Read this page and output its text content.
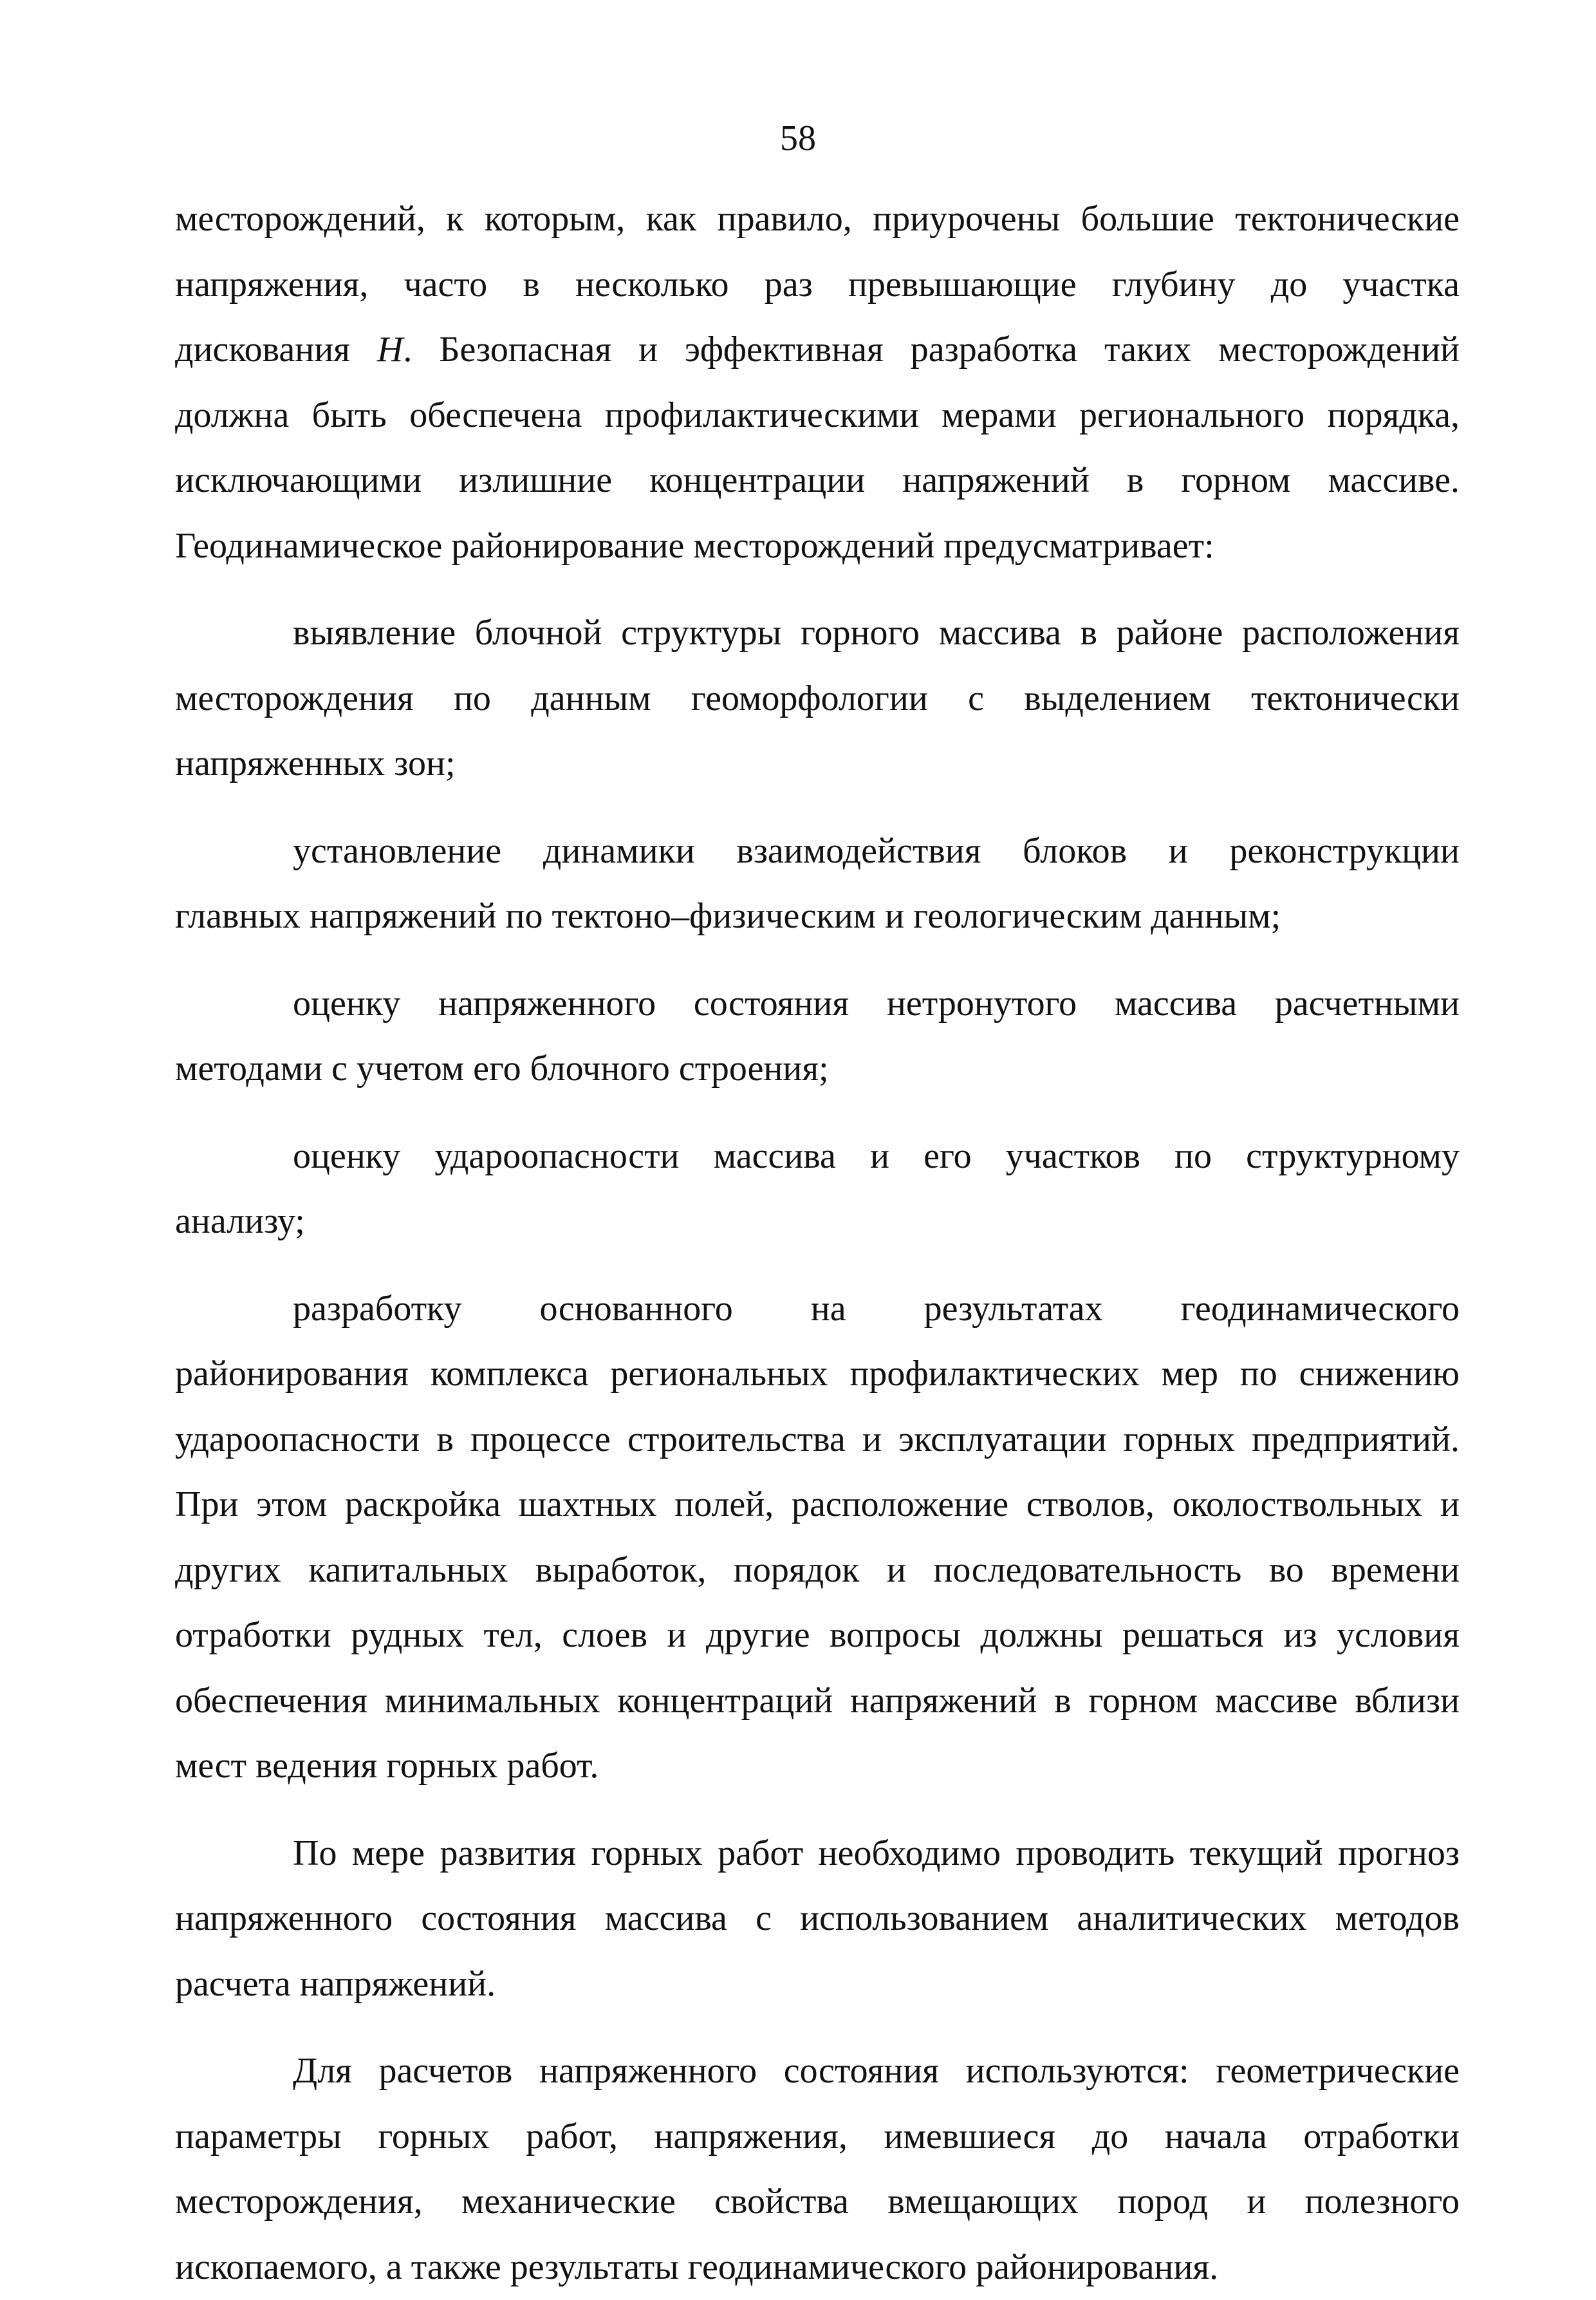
58

месторождений, к которым, как правило, приурочены большие тектонические
напряжения, часто в несколько раз превышающие глубину до участка
дискования H. Безопасная и эффективная разработка таких месторождений
должна быть обеспечена профилактическими мерами регионального порядка,
исключающими излишние концентрации напряжений в горном массиве.
Геодинамическое районирование месторождений предусматривает:

выявление блочной структуры горного массива в районе расположения
месторождения по данным геоморфологии с выделением тектонически
напряженных зон;

установление динамики взаимодействия блоков и реконструкции
главных напряжений по тектоно–физическим и геологическим данным;

оценку напряженного состояния нетронутого массива расчетными
методами с учетом его блочного строения;

оценку удароопасности массива и его участков по структурному
анализу;

разработку основанного на результатах геодинамического
районирования комплекса региональных профилактических мер по снижению
удароопасности в процессе строительства и эксплуатации горных предприятий.
При этом раскройка шахтных полей, расположение стволов, околоствольных и
других капитальных выработок, порядок и последовательность во времени
отработки рудных тел, слоев и другие вопросы должны решаться из условия
обеспечения минимальных концентраций напряжений в горном массиве вблизи
мест ведения горных работ.

По мере развития горных работ необходимо проводить текущий прогноз
напряженного состояния массива с использованием аналитических методов
расчета напряжений.

Для расчетов напряженного состояния используются: геометрические
параметры горных работ, напряжения, имевшиеся до начала отработки
месторождения, механические свойства вмещающих пород и полезного
ископаемого, а также результаты геодинамического районирования.
